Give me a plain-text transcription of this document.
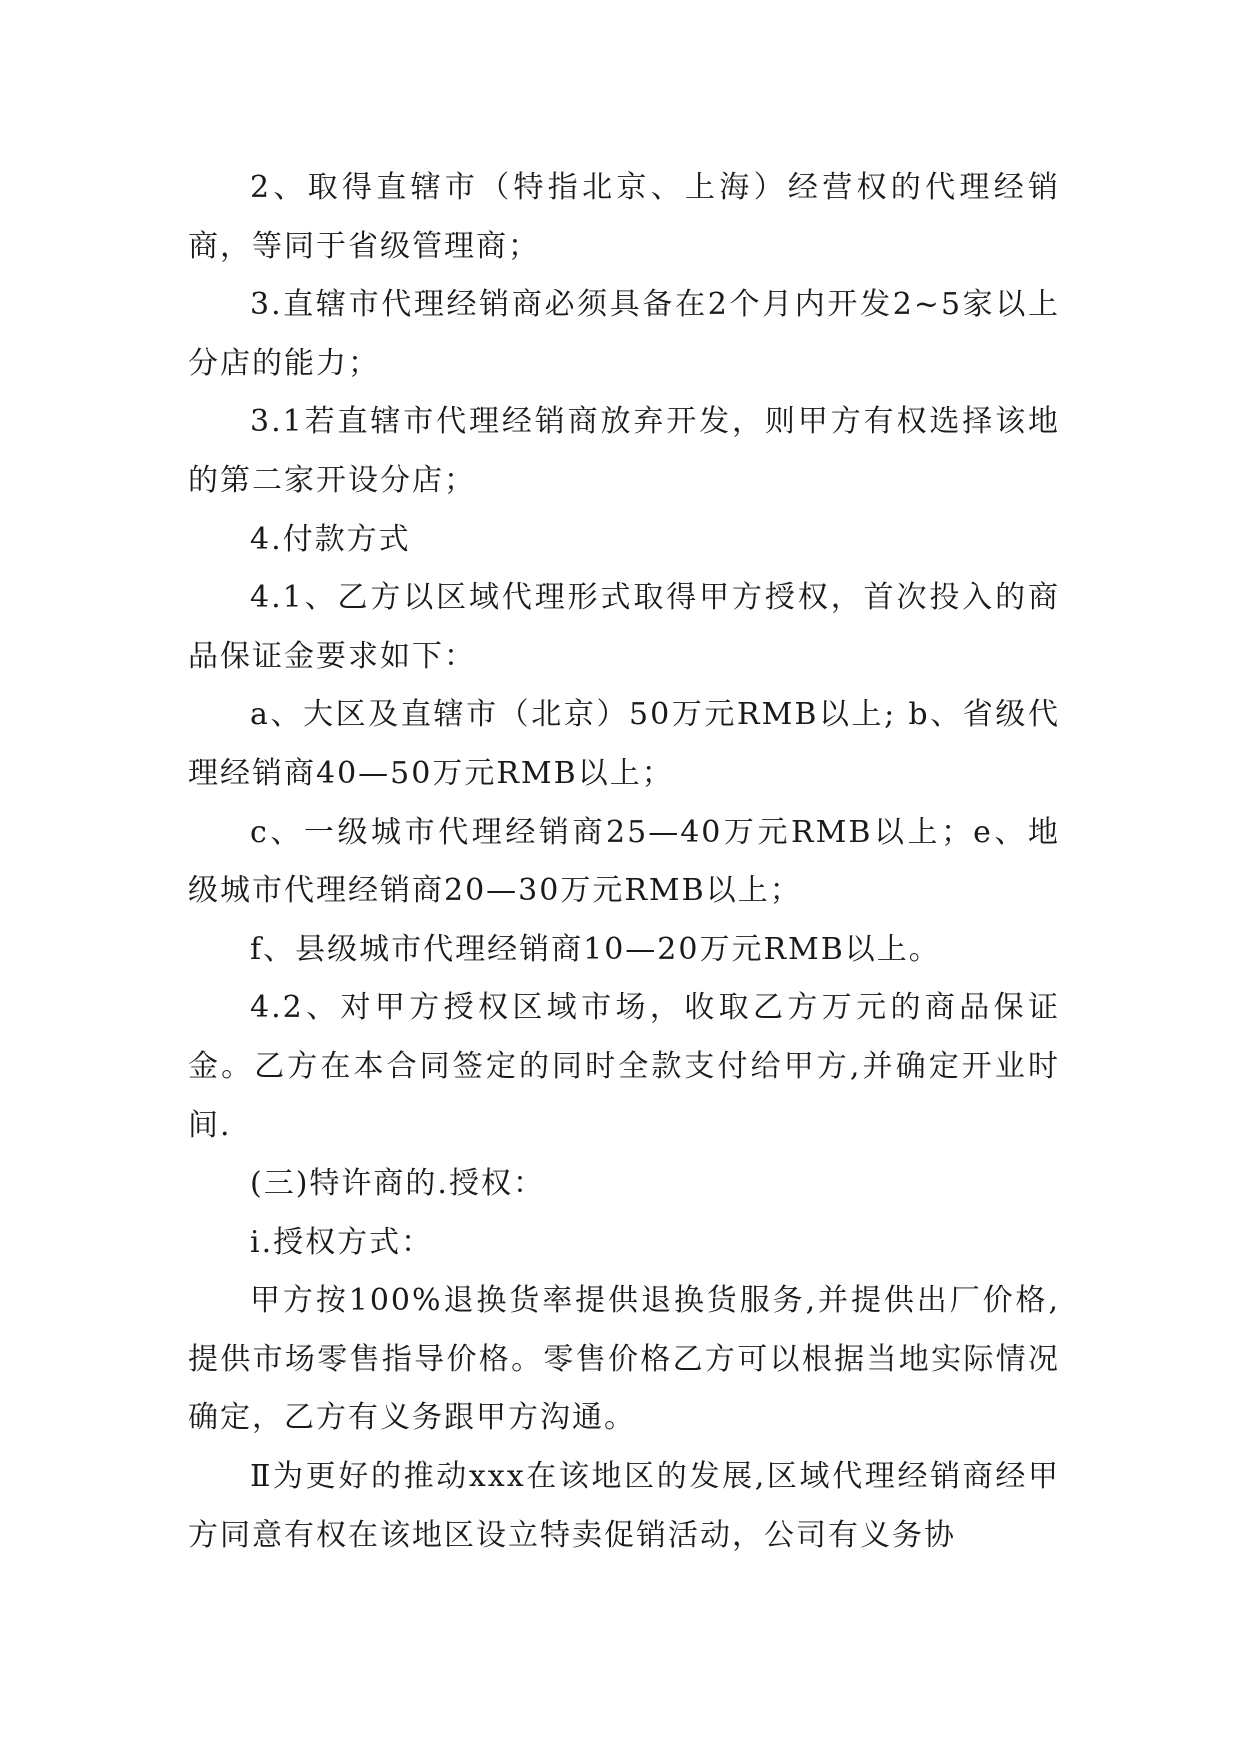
2、取得直辖市（特指北京、上海）经营权的代理经销商，等同于省级管理商；

3.直辖市代理经销商必须具备在2个月内开发2~5家以上分店的能力；

3.1若直辖市代理经销商放弃开发，则甲方有权选择该地的第二家开设分店；

4.付款方式

4.1、乙方以区域代理形式取得甲方授权，首次投入的商品保证金要求如下：

a、大区及直辖市（北京）50万元RMB以上; b、省级代理经销商40—50万元RMB以上；

c、一级城市代理经销商25—40万元RMB以上；e、地级城市代理经销商20—30万元RMB以上；

f、县级城市代理经销商10—20万元RMB以上。

4.2、对甲方授权区域市场，收取乙方万元的商品保证金。乙方在本合同签定的同时全款支付给甲方,并确定开业时间.

(三)特许商的.授权：

i.授权方式：

甲方按100%退换货率提供退换货服务,并提供出厂价格,提供市场零售指导价格。零售价格乙方可以根据当地实际情况确定，乙方有义务跟甲方沟通。

Ⅱ为更好的推动xxx在该地区的发展,区域代理经销商经甲方同意有权在该地区设立特卖促销活动，公司有义务协
